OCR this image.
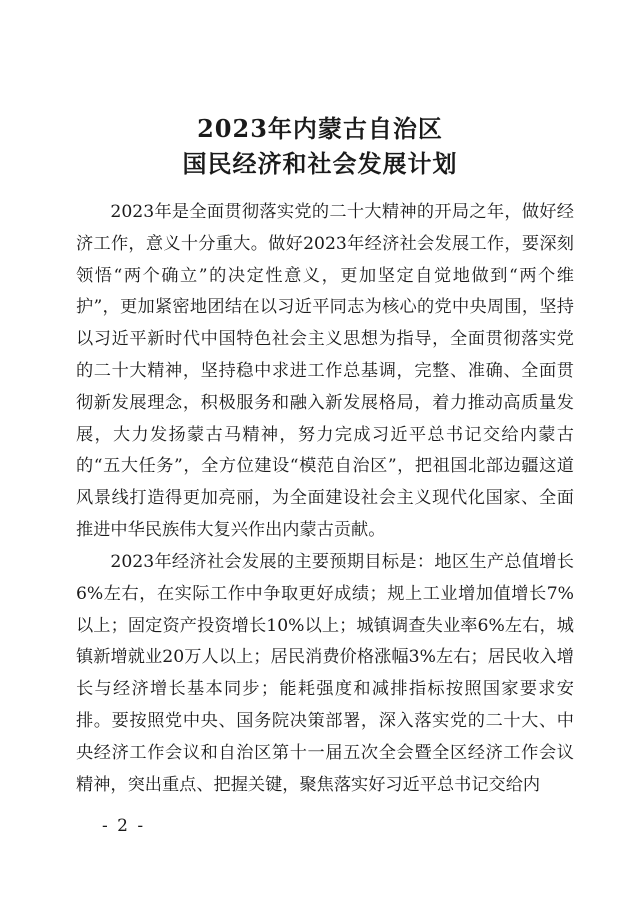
2023年内蒙古自治区
国民经济和社会发展计划

2023年是全面贯彻落实党的二十大精神的开局之年，做好经济工作，意义十分重大。做好2023年经济社会发展工作，要深刻领悟“两个确立”的决定性意义，更加坚定自觉地做到“两个维护”，更加紧密地团结在以习近平同志为核心的党中央周围，坚持以习近平新时代中国特色社会主义思想为指导，全面贯彻落实党的二十大精神，坚持稳中求进工作总基调，完整、准确、全面贯彻新发展理念，积极服务和融入新发展格局，着力推动高质量发展，大力发扬蒙古马精神，努力完成习近平总书记交给内蒙古的“五大任务”，全方位建设“模范自治区”，把祖国北部边疆这道风景线打造得更加亮丽，为全面建设社会主义现代化国家、全面推进中华民族伟大复兴作出内蒙古贡献。

2023年经济社会发展的主要预期目标是：地区生产总值增长6%左右，在实际工作中争取更好成绩；规上工业增加值增长7%以上；固定资产投资增长10%以上；城镇调查失业率6%左右，城镇新增就业20万人以上；居民消费价格涨幅3%左右；居民收入增长与经济增长基本同步；能耗强度和减排指标按照国家要求安排。要按照党中央、国务院决策部署，深入落实党的二十大、中央经济工作会议和自治区第十一届五次全会暨全区经济工作会议精神，突出重点、把握关键，聚焦落实好习近平总书记交给内

- 2 -
